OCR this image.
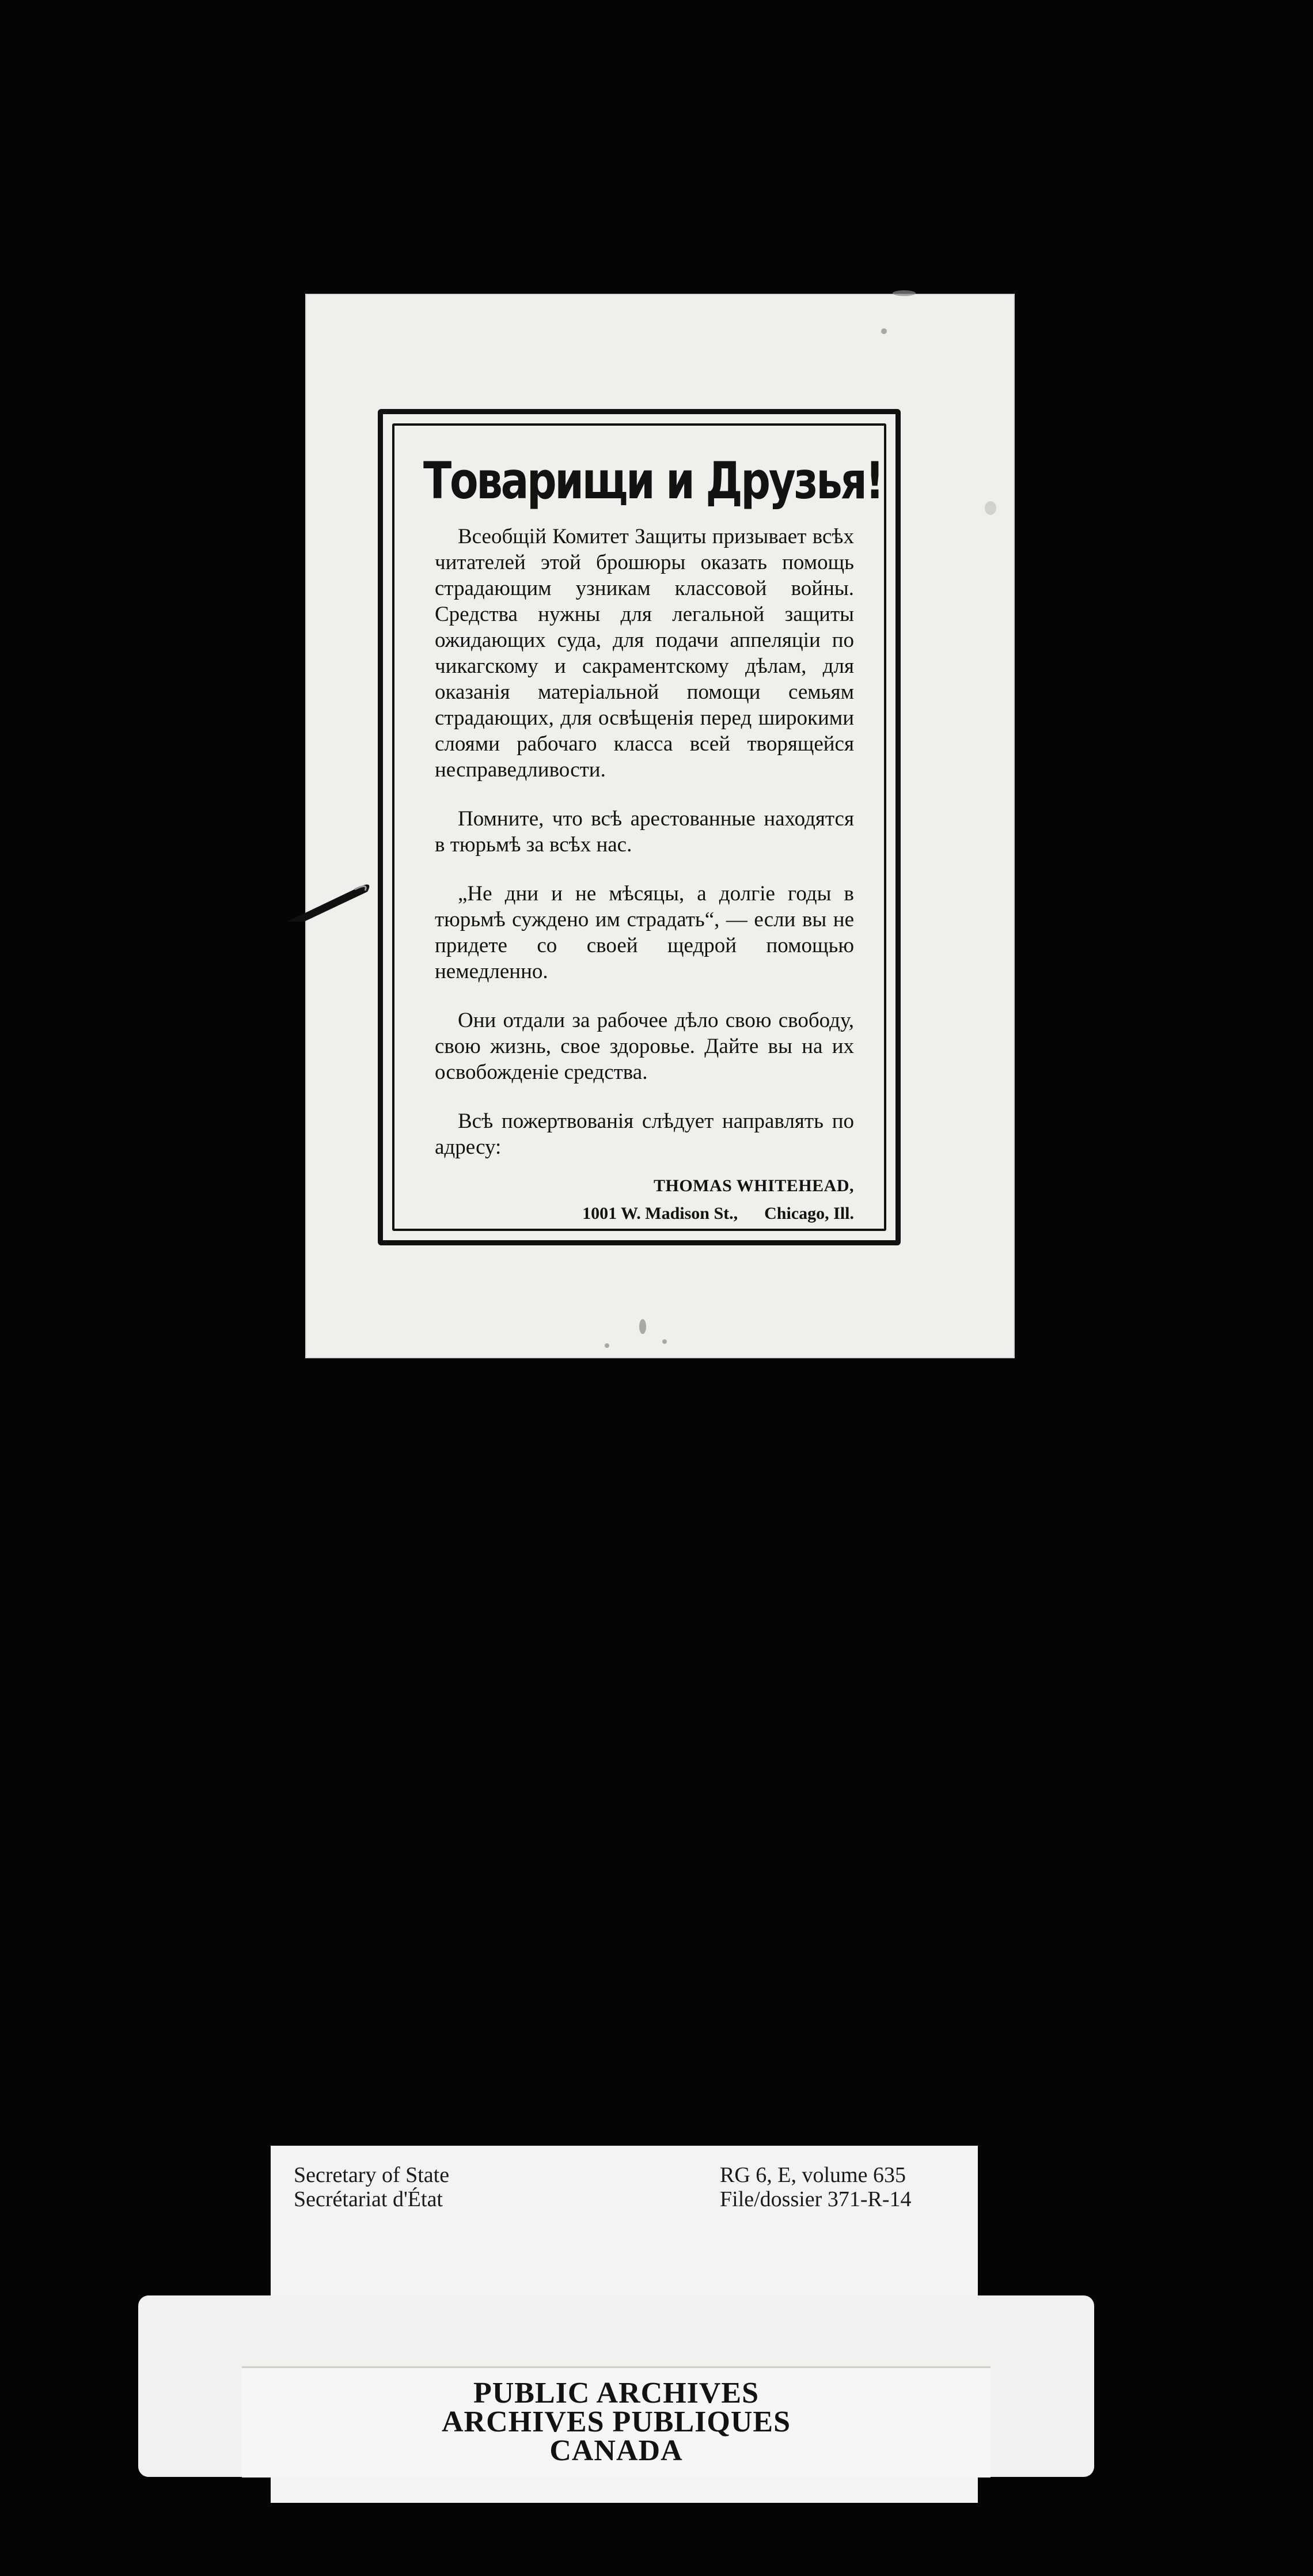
Товарищи и Друзья!

Всеобщій Комитет Защиты призывает всѣх читателей этой брошюры оказать помощь страдающим узникам классовой войны. Средства нужны для легальной защиты ожидающих суда, для подачи аппеляціи по чикагскому и сакраментскому дѣлам, для оказанія матеріальной помощи семьям страдающих, для освѣщенія перед широкими слоями рабочаго класса всей творящейся несправедливости.

Помните, что всѣ арестованные находятся в тюрьмѣ за всѣх нас.

„Не дни и не мѣсяцы, а долгіе годы в тюрьмѣ суждено им страдать“, — если вы не придете со своей щедрой помощью немедленно.

Они отдали за рабочее дѣло свою свободу, свою жизнь, свое здоровье. Дайте вы на их освобожденіе средства.

Всѣ пожертвованія слѣдует направлять по адресу:

THOMAS WHITEHEAD,
1001 W. Madison St., Chicago, Ill.
Secretary of State
Secrétariat d'État
RG 6, E, volume 635
File/dossier 371-R-14
PUBLIC ARCHIVES
ARCHIVES PUBLIQUES
CANADA
